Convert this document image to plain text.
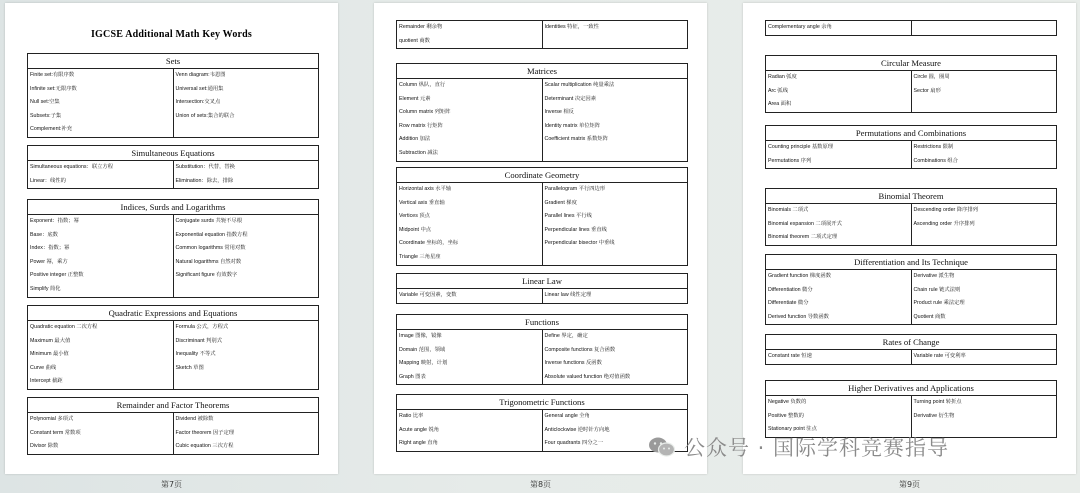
IGCSE Additional Math Key Words
Sets
Finite set:有限序数
Infinite set:无限序数
Null set:空集
Subsets:子集
Complement:补充
Venn diagram:韦恩图
Universal set:通用集
Intersection:交叉点
Union of sets:集合的联合
Simultaneous Equations
Simultaneous equations：联立方程
Linear：线性的
Substitution：代替，替换
Elimination：除去，排除
Indices, Surds and Logarithms
Exponent：指数；幂
Base：底数
Index：指数；幂
Power 幂，乘方
Positive integer 正整数
Simplify 简化
Conjugate surds 共轭不尽根
Exponential equation 指数方程
Common logarithms 常用对数
Natural logarithms 自然对数
Significant figure 有效数字
Quadratic Expressions and Equations
Quadratic equation 二次方程
Maximum 最大值
Minimum 最小值
Curve 曲线
Intercept 截距
Formula 公式，方程式
Discriminant 判别式
Inequality 不等式
Sketch 草图
Remainder and Factor Theorems
Polynomial 多项式
Constant term 常数项
Divisor 除数
Dividend 被除数
Factor theorem 因子定理
Cubic equation 三次方程
第7页
Remainder 剩余物
quotient 商数
Identities 特征，一致性
Matrices
Column 纵队，直行
Element 元素
Column matrix 列矩阵
Row matrix 行矩阵
Addition 加法
Subtraction 减法
Scalar multiplication 纯量乘法
Determinant 决定因素
Inverse 相反
Identity matrix 单位矩阵
Coefficient matrix 系数矩阵
Coordinate Geometry
Horizontal axis 水平轴
Vertical axis 垂直轴
Vertices 顶点
Midpoint 中点
Coordinate 坐标的，坐标
Triangle 三角星座
Parallelogram 平行四边形
Gradient 梯度
Parallel lines 平行线
Perpendicular lines 垂直线
Perpendicular bisector 中垂线
Linear Law
Variable 可变因素，变数	Linear law 线性定理
Functions
Image 图像，镜像
Domain 范围，领域
Mapping 映射，计划
Graph 图表
Define 界定，确定
Composite functions 复合函数
Inverse functions 反函数
Absolute valued function 绝对值函数
Trigonometric Functions
Ratio 比率
Acute angle 锐角
Right angle 直角
General angle 全角
Anticlockwise 逆时针方向地
Four quadrants 四分之一
第8页
Complementary angle 余角
Circular Measure
Radian 弧度
Arc 弧线
Area 面积
Circle 圆，圈周
Sector 扇形
Permutations and Combinations
Counting principle 基数原理
Permutations 序列
Restrictions 限制
Combinations 组合
Binomial Theorem
Binomials 二项式
Binomial expansion 二项展开式
Binomial theorem 二项式定理
Descending order 降序排列
Ascending order 升序排列
Differentiation and Its Technique
Gradient function 梯度函数
Differentiation 微分
Differentiate 微分
Derived function 导数函数
Derivative 派生物
Chain rule 链式法则
Product rule 乘法定理
Quotient 商数
Rates of Change
Constant rate 恒速	Variable rate 可变利率
Higher Derivatives and Applications
Negative 负数的
Positive 整数的
Stationary point 驻点
Turning point 转折点
Derivative 衍生物
第9页
公众号 · 国际学科竞赛指导
